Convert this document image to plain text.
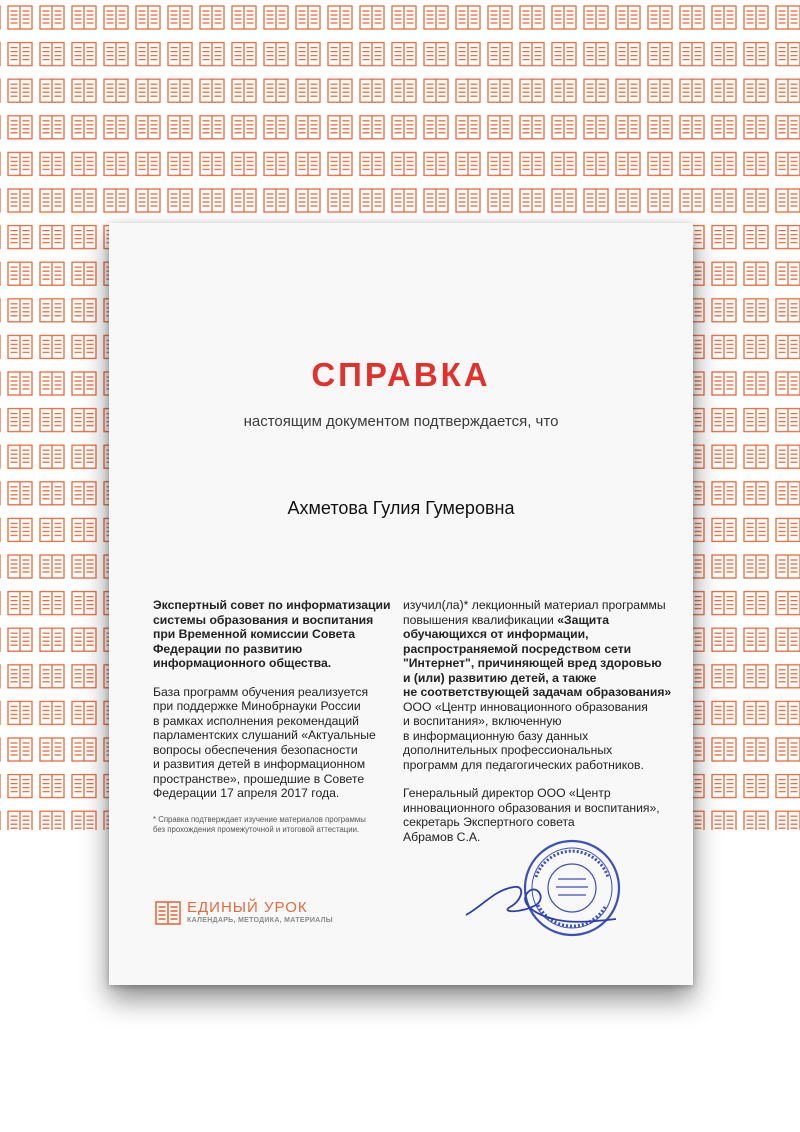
СПРАВКА
настоящим документом подтверждается, что
Ахметова Гулия Гумеровна
Экспертный совет по информатизации
системы образования и воспитания
при Временной комиссии Совета
Федерации по развитию
информационного общества.
База программ обучения реализуется
при поддержке Минобрнауки России
в рамках исполнения рекомендаций
парламентских слушаний «Актуальные
вопросы обеспечения безопасности
и развития детей в информационном
пространстве», прошедшие в Совете
Федерации 17 апреля 2017 года.
* Справка подтверждает изучение материалов программы
без прохождения промежуточной и итоговой аттестации.
изучил(ла)* лекционный материал программы
повышения квалификации «Защита
обучающихся от информации,
распространяемой посредством сети
"Интернет", причиняющей вред здоровью
и (или) развитию детей, а также
не соответствующей задачам образования»
ООО «Центр инновационного образования
и воспитания», включенную
в информационную базу данных
дополнительных профессиональных
программ для педагогических работников.
Генеральный директор ООО «Центр
инновационного образования и воспитания»,
секретарь Экспертного совета
Абрамов С.А.
ЕДИНЫЙ УРОК
КАЛЕНДАРЬ, МЕТОДИКА, МАТЕРИАЛЫ
